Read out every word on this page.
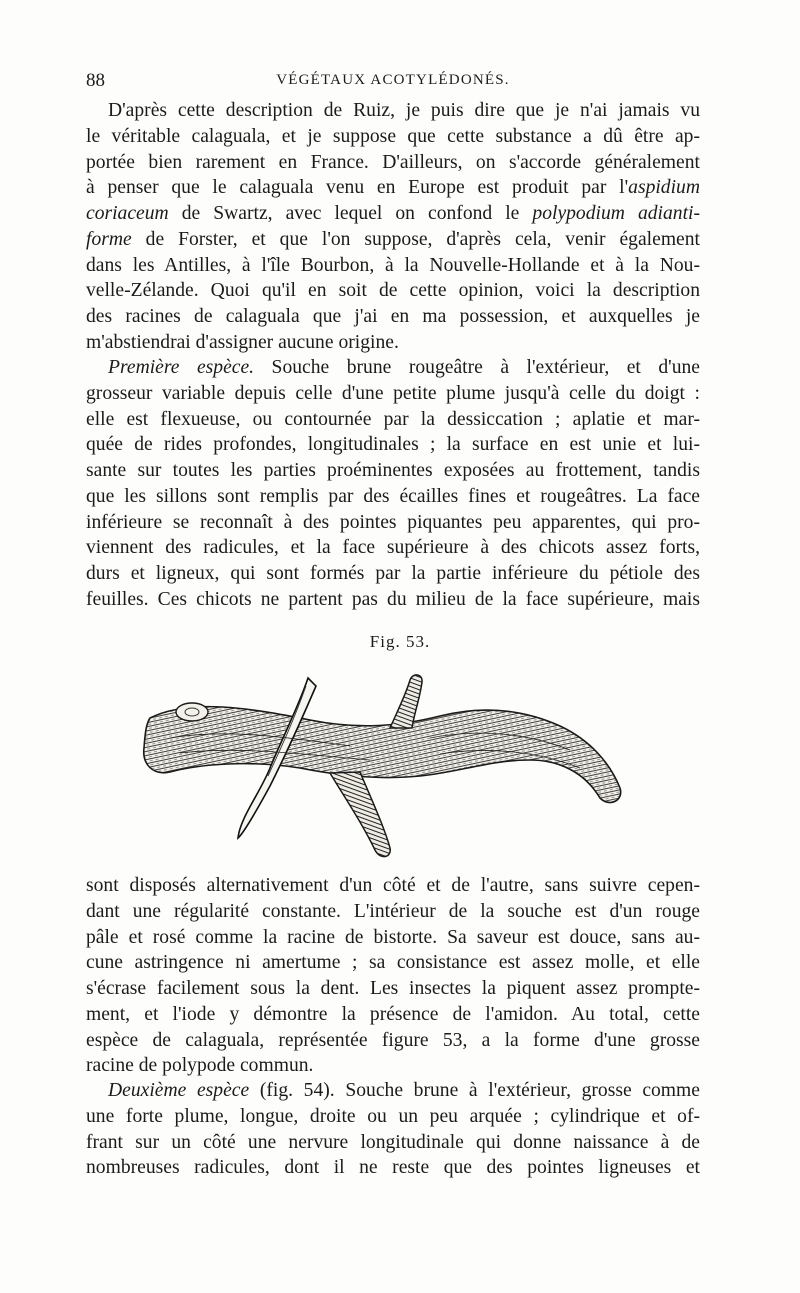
88	VÉGÉTAUX ACOTYLÉDONÉS.
D'après cette description de Ruiz, je puis dire que je n'ai jamais vu
le véritable calaguala, et je suppose que cette substance a dû être ap-
portée bien rarement en France. D'ailleurs, on s'accorde généralement
à penser que le calaguala venu en Europe est produit par l'aspidium
coriaceum de Swartz, avec lequel on confond le polypodium adianti-
forme de Forster, et que l'on suppose, d'après cela, venir également
dans les Antilles, à l'île Bourbon, à la Nouvelle-Hollande et à la Nou-
velle-Zélande. Quoi qu'il en soit de cette opinion, voici la description
des racines de calaguala que j'ai en ma possession, et auxquelles je
m'abstiendrai d'assigner aucune origine.
Première espèce. Souche brune rougeâtre à l'extérieur, et d'une
grosseur variable depuis celle d'une petite plume jusqu'à celle du doigt :
elle est flexueuse, ou contournée par la dessiccation ; aplatie et mar-
quée de rides profondes, longitudinales ; la surface en est unie et lui-
sante sur toutes les parties proéminentes exposées au frottement, tandis
que les sillons sont remplis par des écailles fines et rougeâtres. La face
inférieure se reconnaît à des pointes piquantes peu apparentes, qui pro-
viennent des radicules, et la face supérieure à des chicots assez forts,
durs et ligneux, qui sont formés par la partie inférieure du pétiole des
feuilles. Ces chicots ne partent pas du milieu de la face supérieure, mais
Fig. 53.
sont disposés alternativement d'un côté et de l'autre, sans suivre cepen-
dant une régularité constante. L'intérieur de la souche est d'un rouge
pâle et rosé comme la racine de bistorte. Sa saveur est douce, sans au-
cune astringence ni amertume ; sa consistance est assez molle, et elle
s'écrase facilement sous la dent. Les insectes la piquent assez prompte-
ment, et l'iode y démontre la présence de l'amidon. Au total, cette
espèce de calaguala, représentée figure 53, a la forme d'une grosse
racine de polypode commun.
Deuxième espèce (fig. 54). Souche brune à l'extérieur, grosse comme
une forte plume, longue, droite ou un peu arquée ; cylindrique et of-
frant sur un côté une nervure longitudinale qui donne naissance à de
nombreuses radicules, dont il ne reste que des pointes ligneuses et
